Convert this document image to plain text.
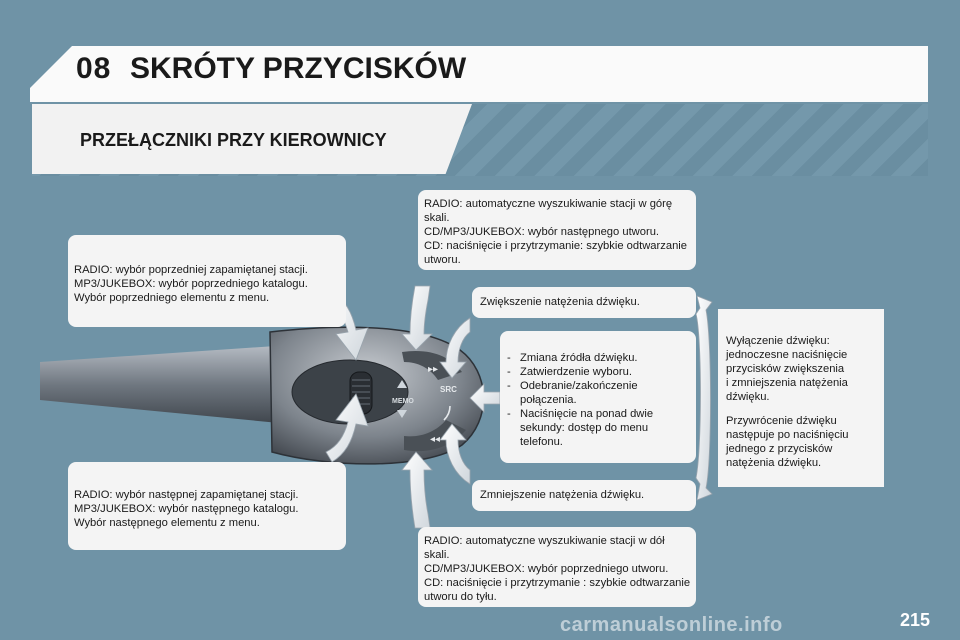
08 SKRÓTY PRZYCISKÓW
PRZEŁĄCZNIKI PRZY KIEROWNICY
MEMO
▸▸
◂◂
SRC
RADIO: wybór poprzedniej zapamiętanej stacji.
MP3/JUKEBOX: wybór poprzedniego katalogu.
Wybór poprzedniego elementu z menu.
RADIO: wybór następnej zapamiętanej stacji.
MP3/JUKEBOX: wybór następnego katalogu.
Wybór następnego elementu z menu.
RADIO: automatyczne wyszukiwanie stacji w górę
skali.
CD/MP3/JUKEBOX: wybór następnego utworu.
CD: naciśnięcie i przytrzymanie: szybkie odtwarzanie
utworu.
RADIO: automatyczne wyszukiwanie stacji w dół
skali.
CD/MP3/JUKEBOX: wybór poprzedniego utworu.
CD: naciśnięcie i przytrzymanie : szybkie odtwarzanie
utworu do tyłu.
Zwiększenie natężenia dźwięku.
Zmniejszenie natężenia dźwięku.
- Zmiana źródła dźwięku.
- Zatwierdzenie wyboru.
- Odebranie/zakończenie
połączenia.
- Naciśnięcie na ponad dwie
sekundy: dostęp do menu
telefonu.
Wyłączenie dźwięku:
jednoczesne naciśnięcie
przycisków zwiększenia
i zmniejszenia natężenia
dźwięku.
Przywrócenie dźwięku
następuje po naciśnięciu
jednego z przycisków
natężenia dźwięku.
carmanualsonline.info	215
